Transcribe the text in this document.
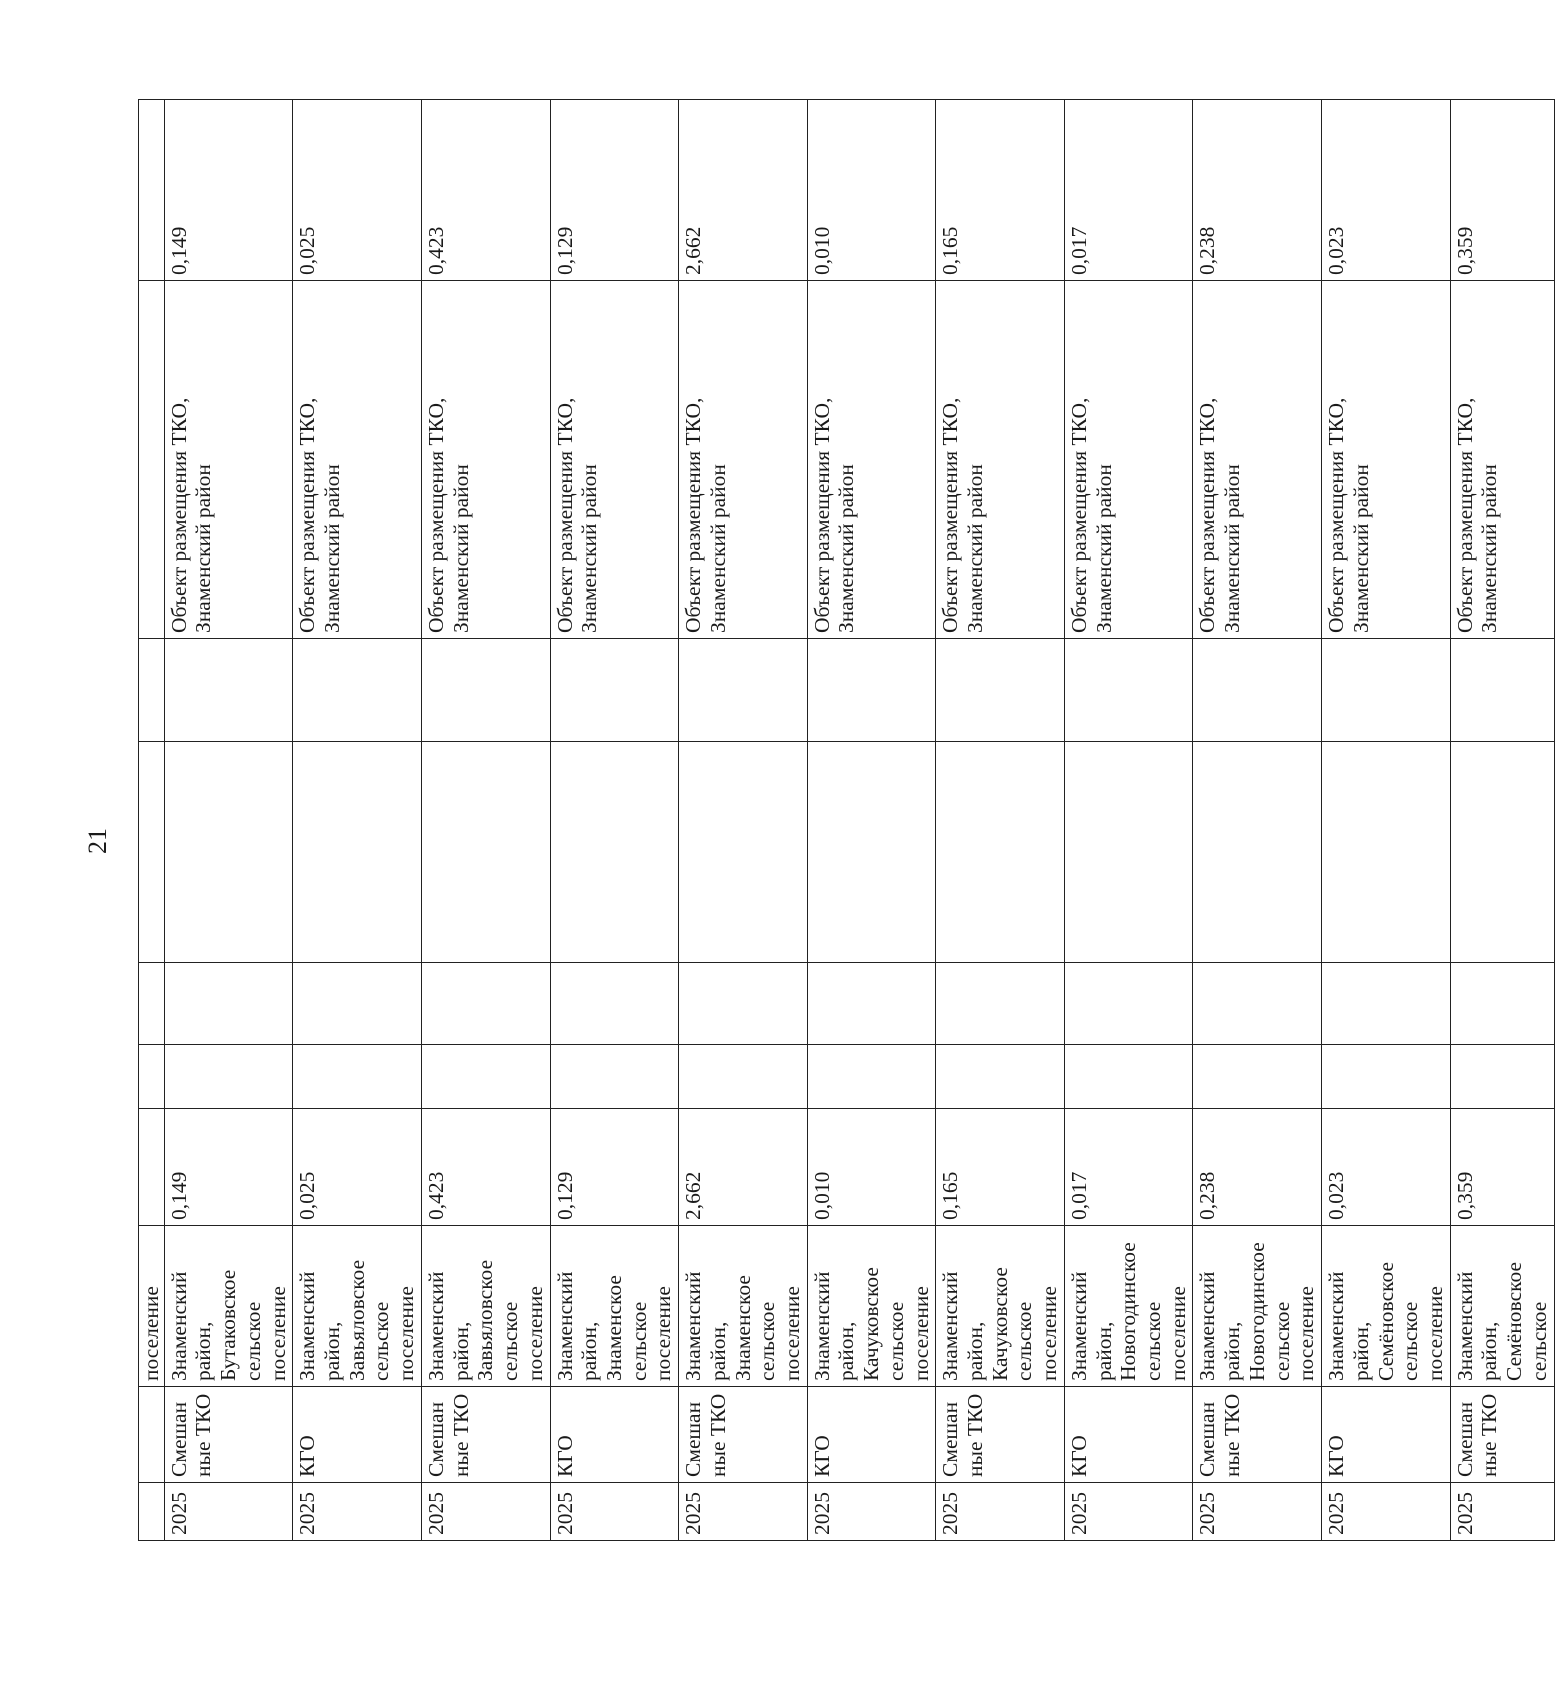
21
		поселение							
2025	Смешанные ТКО	Знаменский район, Бутаковское сельское поселение	0,149					Объект размещения ТКО, Знаменский район	0,149
2025	КГО	Знаменский район, Завьяловское сельское поселение	0,025					Объект размещения ТКО, Знаменский район	0,025
2025	Смешанные ТКО	Знаменский район, Завьяловское сельское поселение	0,423					Объект размещения ТКО, Знаменский район	0,423
2025	КГО	Знаменский район, Знаменское сельское поселение	0,129					Объект размещения ТКО, Знаменский район	0,129
2025	Смешанные ТКО	Знаменский район, Знаменское сельское поселение	2,662					Объект размещения ТКО, Знаменский район	2,662
2025	КГО	Знаменский район, Качуковское сельское поселение	0,010					Объект размещения ТКО, Знаменский район	0,010
2025	Смешанные ТКО	Знаменский район, Качуковское сельское поселение	0,165					Объект размещения ТКО, Знаменский район	0,165
2025	КГО	Знаменский район, Новогодинское сельское поселение	0,017					Объект размещения ТКО, Знаменский район	0,017
2025	Смешанные ТКО	Знаменский район, Новогодинское сельское поселение	0,238					Объект размещения ТКО, Знаменский район	0,238
2025	КГО	Знаменский район, Семёновское сельское поселение	0,023					Объект размещения ТКО, Знаменский район	0,023
2025	Смешанные ТКО	Знаменский район, Семёновское сельское	0,359					Объект размещения ТКО, Знаменский район	0,359
